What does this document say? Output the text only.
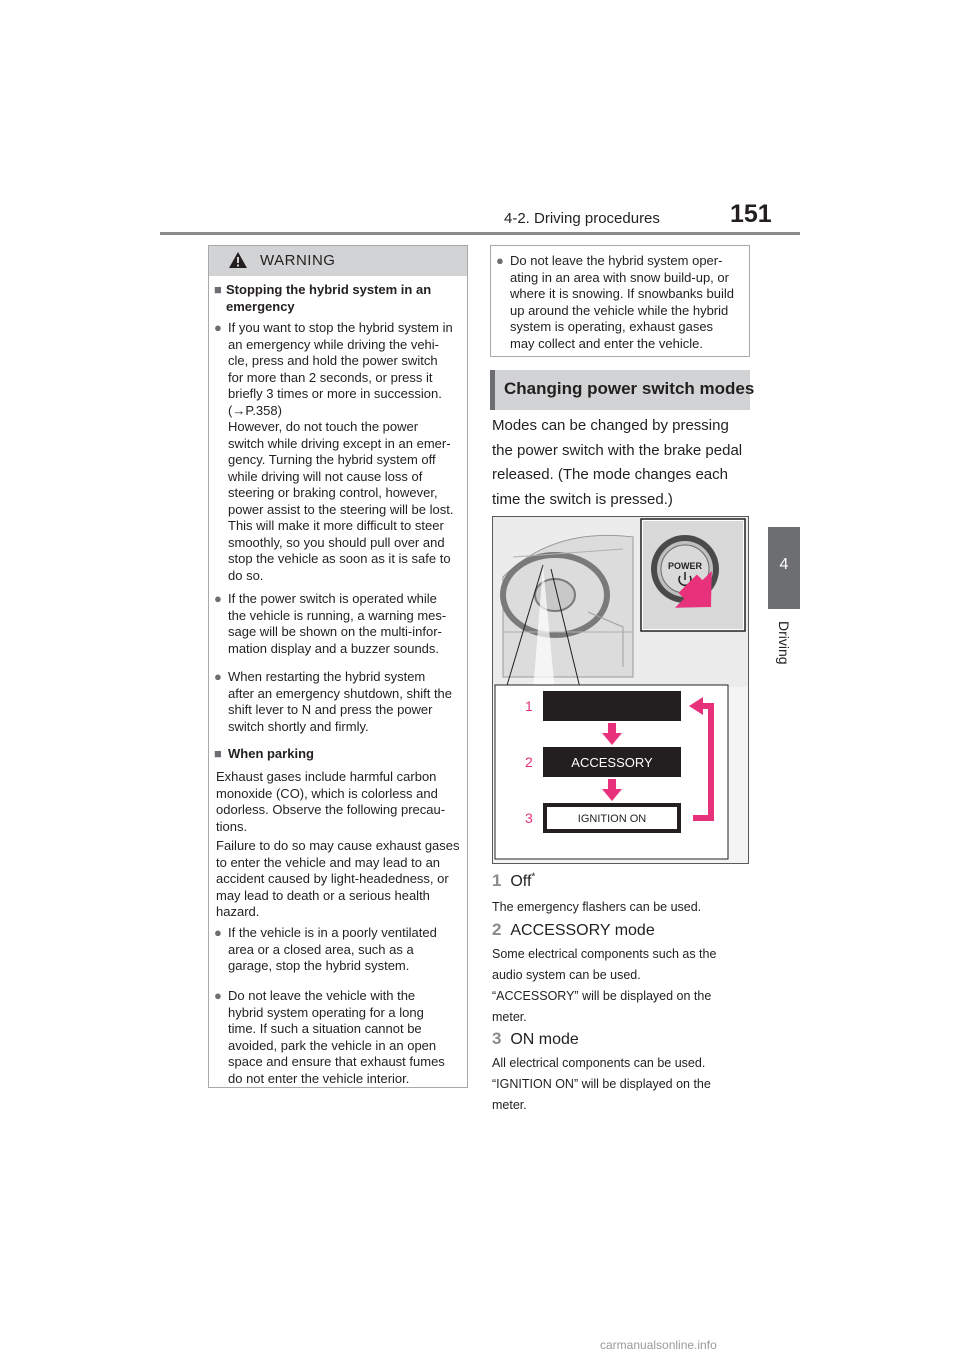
4-2. Driving procedures	151
4
Driving
WARNING
■ Stopping the hybrid system in an emergency
● If you want to stop the hybrid system in
an emergency while driving the vehi-
cle, press and hold the power switch
for more than 2 seconds, or press it
briefly 3 times or more in succession.
(→P.358)
However, do not touch the power
switch while driving except in an emer-
gency. Turning the hybrid system off
while driving will not cause loss of
steering or braking control, however,
power assist to the steering will be lost.
This will make it more difficult to steer
smoothly, so you should pull over and
stop the vehicle as soon as it is safe to
do so.
● If the power switch is operated while
the vehicle is running, a warning mes-
sage will be shown on the multi-infor-
mation display and a buzzer sounds.
● When restarting the hybrid system
after an emergency shutdown, shift the
shift lever to N and press the power
switch shortly and firmly.
■ When parking
Exhaust gases include harmful carbon
monoxide (CO), which is colorless and
odorless. Observe the following precau-
tions.
Failure to do so may cause exhaust gases
to enter the vehicle and may lead to an
accident caused by light-headedness, or
may lead to death or a serious health
hazard.
● If the vehicle is in a poorly ventilated
area or a closed area, such as a
garage, stop the hybrid system.
● Do not leave the vehicle with the
hybrid system operating for a long
time. If such a situation cannot be
avoided, park the vehicle in an open
space and ensure that exhaust fumes
do not enter the vehicle interior.
● Do not leave the hybrid system oper-
ating in an area with snow build-up, or
where it is snowing. If snowbanks build
up around the vehicle while the hybrid
system is operating, exhaust gases
may collect and enter the vehicle.
Changing power switch modes
Modes can be changed by pressing
the power switch with the brake pedal
released. (The mode changes each
time the switch is pressed.)
POWER
ACCESSORY
IGNITION ON
1
2
3
1 Off*
The emergency flashers can be used.
2 ACCESSORY mode
Some electrical components such as the
audio system can be used.
“ACCESSORY” will be displayed on the
meter.
3 ON mode
All electrical components can be used.
“IGNITION ON” will be displayed on the
meter.
carmanualsonline.info
